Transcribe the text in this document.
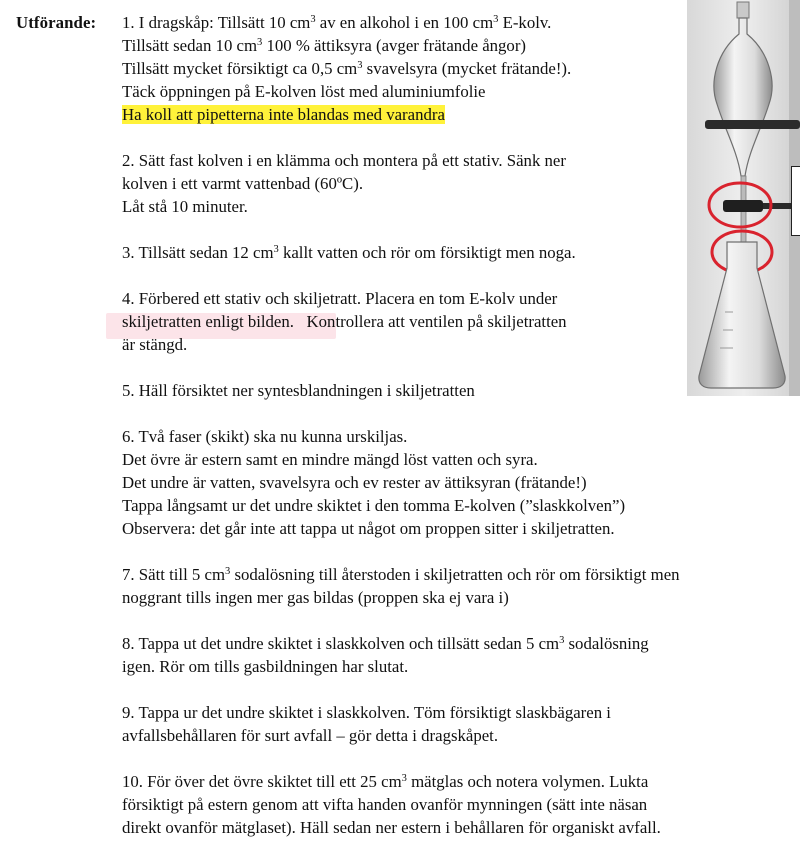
Utförande: 1. I dragskåp: Tillsätt 10 $cm^3$ av en alkohol i en 100 $cm^3$ E-kolv.
Tillsätt sedan 10 $cm^3$ 100 % ättiksyra (avger frätande ångor)
Tillsätt mycket försiktigt ca 0,5 $cm^3$ svavelsyra (mycket frätande!).
Täck öppningen på E-kolven löst med aluminiumfolie
Ha koll att pipetterna inte blandas med varandra
2. Sätt fast kolven i en klämma och montera på ett stativ. Sänk ner
kolven i ett varmt vattenbad (60ºC).
Låt stå 10 minuter.
3. Tillsätt sedan 12 $cm^3$ kallt vatten och rör om försiktigt men noga.
4. Förbered ett stativ och skiljetratt. Placera en tom E-kolv under
skiljetratten enligt bilden.   Kontrollera att ventilen på skiljetratten
är stängd.
5. Häll försiktet ner syntesblandningen i skiljetratten
6. Två faser (skikt) ska nu kunna urskiljas.
Det övre är estern samt en mindre mängd löst vatten och syra.
Det undre är vatten, svavelsyra och ev rester av ättiksyran (frätande!)
Tappa långsamt ur det undre skiktet i den tomma E-kolven (”slaskkolven”)
Observera: det går inte att tappa ut något om proppen sitter i skiljetratten.
7. Sätt till 5 $cm^3$ sodalösning till återstoden i skiljetratten och rör om försiktigt men
noggrant tills ingen mer gas bildas (proppen ska ej vara i)
8. Tappa ut det undre skiktet i slaskkolven och tillsätt sedan 5 $cm^3$ sodalösning
igen. Rör om tills gasbildningen har slutat.
9. Tappa ur det undre skiktet i slaskkolven. Töm försiktigt slaskbägaren i
avfallsbehållaren för surt avfall – gör detta i dragskåpet.
10. För över det övre skiktet till ett 25 $cm^3$ mätglas och notera volymen. Lukta
försiktigt på estern genom att vifta handen ovanför mynningen (sätt inte näsan
direkt ovanför mätglaset). Häll sedan ner estern i behållaren för organiskt avfall.
